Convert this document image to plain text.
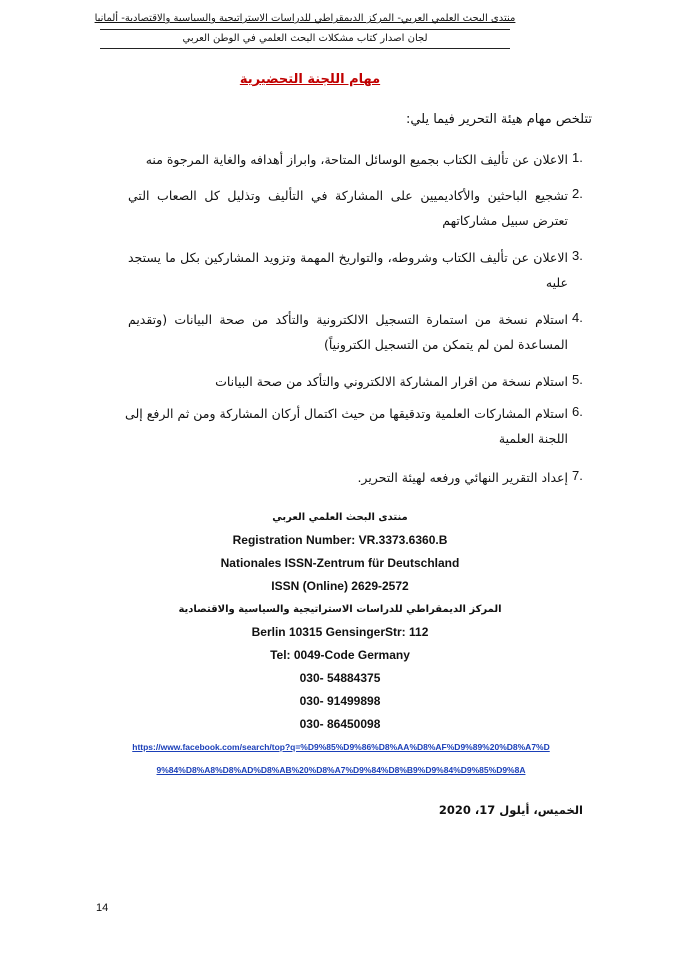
منتدى البحث العلمي العربي- المركز الديمقراطي للدراسات الاستراتيجية والسياسية والاقتصادية- ألمانيا
لجان اصدار كتاب مشكلات البحث العلمي في الوطن العربي
مهام اللجنة التحضيرية
تتلخص مهام هيئة التحرير فيما يلي:
1.
الاعلان عن تأليف الكتاب بجميع الوسائل المتاحة، وابراز أهدافه والغاية المرجوة منه
2.
تشجيع الباحثين والأكاديميين على المشاركة في التأليف وتذليل كل الصعاب التي
تعترض سبيل مشاركاتهم
3.
الاعلان عن تأليف الكتاب وشروطه، والتواريخ المهمة وتزويد المشاركين بكل ما يستجد
عليه
4.
استلام نسخة من استمارة التسجيل الالكترونية والتأكد من صحة البيانات (وتقديم
المساعدة لمن لم يتمكن من التسجيل الكترونياً)
5.
استلام نسخة من اقرار المشاركة الالكتروني والتأكد من صحة البيانات
6.
استلام المشاركات العلمية وتدقيقها من حيث اكتمال أركان المشاركة ومن ثم الرفع إلى
اللجنة العلمية
7.
إعداد التقرير النهائي ورفعه لهيئة التحرير.
منتدى البحث العلمي العربي
Registration Number: VR.3373.6360.B
Nationales ISSN-Zentrum für Deutschland
ISSN (Online) 2629-2572
المركز الديمقراطي للدراسات الاستراتيجية والسياسية والاقتصادية
Berlin 10315 GensingerStr: 112
Tel: 0049-Code Germany
030- 54884375
030- 91499898
030- 86450098
https://www.facebook.com/search/top?q=%D9%85%D9%86%D8%AA%D8%AF%D9%89%20%D8%A7%D
9%84%D8%A8%D8%AD%D8%AB%20%D8%A7%D9%84%D8%B9%D9%84%D9%85%D9%8A
الخميس، أيلول 17، 2020
14
